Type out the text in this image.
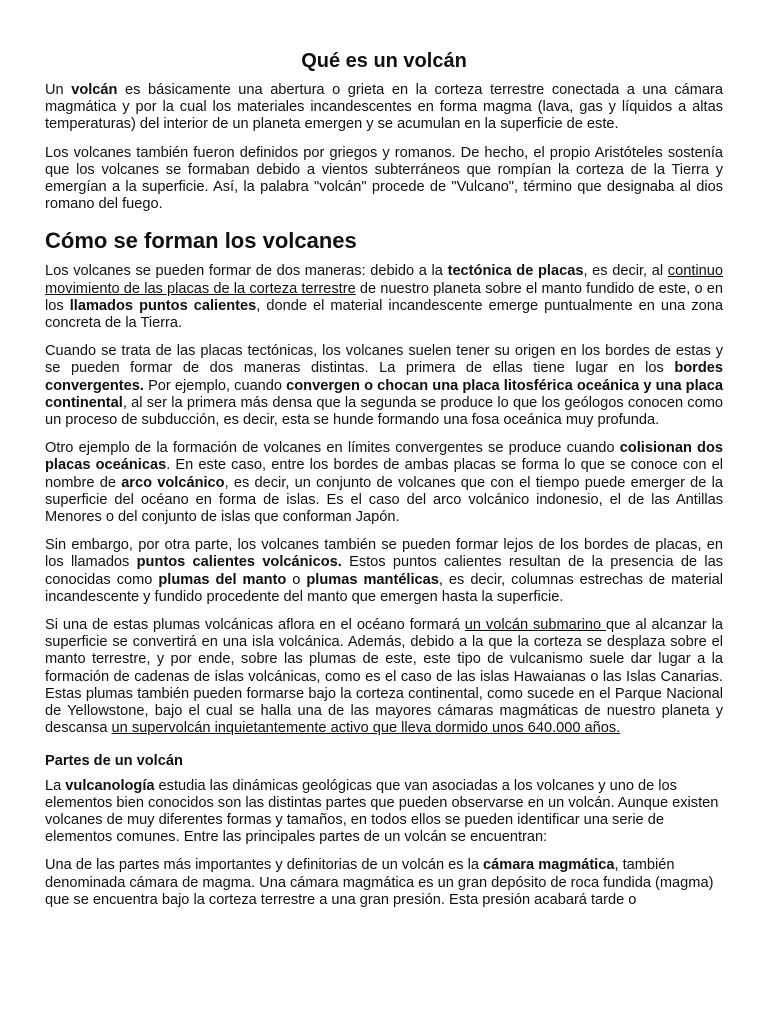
Qué es un volcán

Un volcán es básicamente una abertura o grieta en la corteza terrestre conectada a una cámara magmática y por la cual los materiales incandescentes en forma magma (lava, gas y líquidos a altas temperaturas) del interior de un planeta emergen y se acumulan en la superficie de este.

Los volcanes también fueron definidos por griegos y romanos. De hecho, el propio Aristóteles sostenía que los volcanes se formaban debido a vientos subterráneos que rompían la corteza de la Tierra y emergían a la superficie. Así, la palabra "volcán" procede de "Vulcano", término que designaba al dios romano del fuego.

Cómo se forman los volcanes

Los volcanes se pueden formar de dos maneras: debido a la tectónica de placas, es decir, al continuo movimiento de las placas de la corteza terrestre de nuestro planeta sobre el manto fundido de este, o en los llamados puntos calientes, donde el material incandescente emerge puntualmente en una zona concreta de la Tierra.

Cuando se trata de las placas tectónicas, los volcanes suelen tener su origen en los bordes de estas y se pueden formar de dos maneras distintas. La primera de ellas tiene lugar en los bordes convergentes. Por ejemplo, cuando convergen o chocan una placa litosférica oceánica y una placa continental, al ser la primera más densa que la segunda se produce lo que los geólogos conocen como un proceso de subducción, es decir, esta se hunde formando una fosa oceánica muy profunda.

Otro ejemplo de la formación de volcanes en límites convergentes se produce cuando colisionan dos placas oceánicas. En este caso, entre los bordes de ambas placas se forma lo que se conoce con el nombre de arco volcánico, es decir, un conjunto de volcanes que con el tiempo puede emerger de la superficie del océano en forma de islas. Es el caso del arco volcánico indonesio, el de las Antillas Menores o del conjunto de islas que conforman Japón.

Sin embargo, por otra parte, los volcanes también se pueden formar lejos de los bordes de placas, en los llamados puntos calientes volcánicos. Estos puntos calientes resultan de la presencia de las conocidas como plumas del manto o plumas mantélicas, es decir, columnas estrechas de material incandescente y fundido procedente del manto que emergen hasta la superficie.

Si una de estas plumas volcánicas aflora en el océano formará un volcán submarino que al alcanzar la superficie se convertirá en una isla volcánica. Además, debido a la que la corteza se desplaza sobre el manto terrestre, y por ende, sobre las plumas de este, este tipo de vulcanismo suele dar lugar a la formación de cadenas de islas volcánicas, como es el caso de las islas Hawaianas o las Islas Canarias. Estas plumas también pueden formarse bajo la corteza continental, como sucede en el Parque Nacional de Yellowstone, bajo el cual se halla una de las mayores cámaras magmáticas de nuestro planeta y descansa un supervolcán inquietantemente activo que lleva dormido unos 640.000 años.

Partes de un volcán

La vulcanología estudia las dinámicas geológicas que van asociadas a los volcanes y uno de los elementos bien conocidos son las distintas partes que pueden observarse en un volcán. Aunque existen volcanes de muy diferentes formas y tamaños, en todos ellos se pueden identificar una serie de elementos comunes. Entre las principales partes de un volcán se encuentran:

Una de las partes más importantes y definitorias de un volcán es la cámara magmática, también denominada cámara de magma. Una cámara magmática es un gran depósito de roca fundida (magma) que se encuentra bajo la corteza terrestre a una gran presión. Esta presión acabará tarde o
